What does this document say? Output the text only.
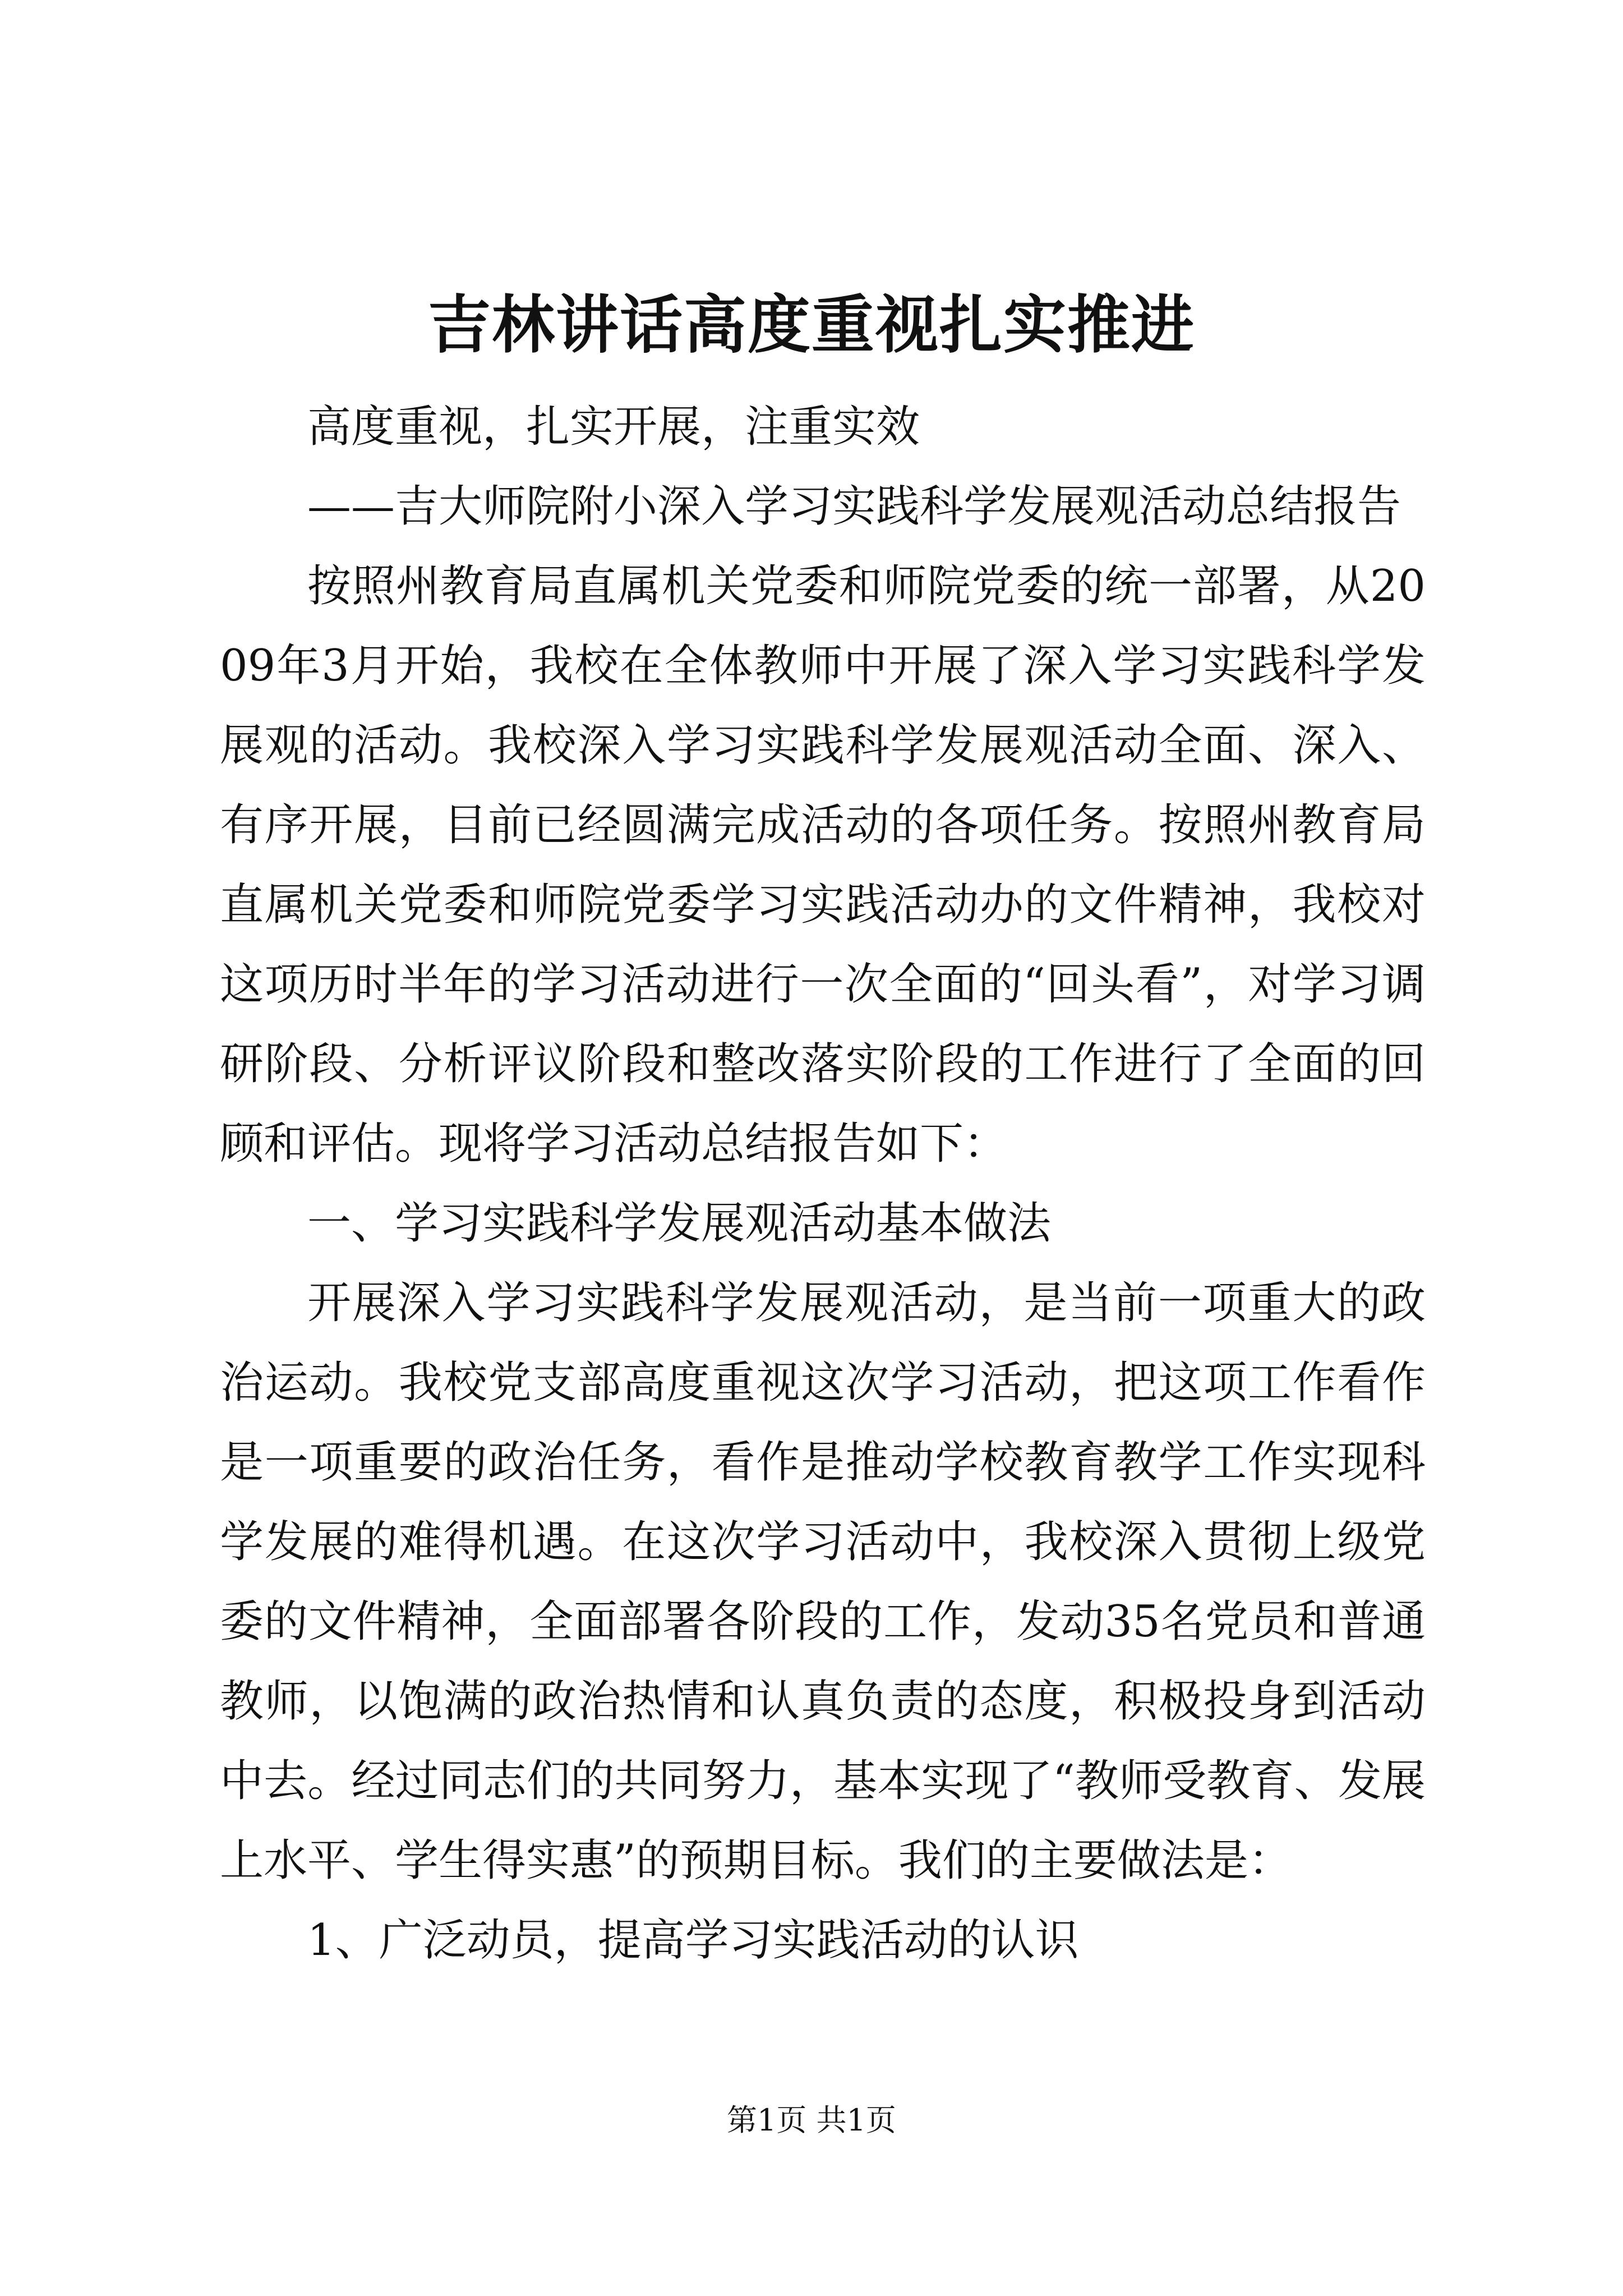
吉林讲话高度重视扎实推进

高度重视，扎实开展，注重实效

——吉大师院附小深入学习实践科学发展观活动总结报告

按照州教育局直属机关党委和师院党委的统一部署，从2009年3月开始，我校在全体教师中开展了深入学习实践科学发展观的活动。我校深入学习实践科学发展观活动全面、深入、有序开展，目前已经圆满完成活动的各项任务。按照州教育局直属机关党委和师院党委学习实践活动办的文件精神，我校对这项历时半年的学习活动进行一次全面的“回头看”，对学习调研阶段、分析评议阶段和整改落实阶段的工作进行了全面的回顾和评估。现将学习活动总结报告如下：

一、学习实践科学发展观活动基本做法

开展深入学习实践科学发展观活动，是当前一项重大的政治运动。我校党支部高度重视这次学习活动，把这项工作看作是一项重要的政治任务，看作是推动学校教育教学工作实现科学发展的难得机遇。在这次学习活动中，我校深入贯彻上级党委的文件精神，全面部署各阶段的工作，发动35名党员和普通教师，以饱满的政治热情和认真负责的态度，积极投身到活动中去。经过同志们的共同努力，基本实现了“教师受教育、发展上水平、学生得实惠”的预期目标。我们的主要做法是：

1、广泛动员，提高学习实践活动的认识

第1页 共1页
